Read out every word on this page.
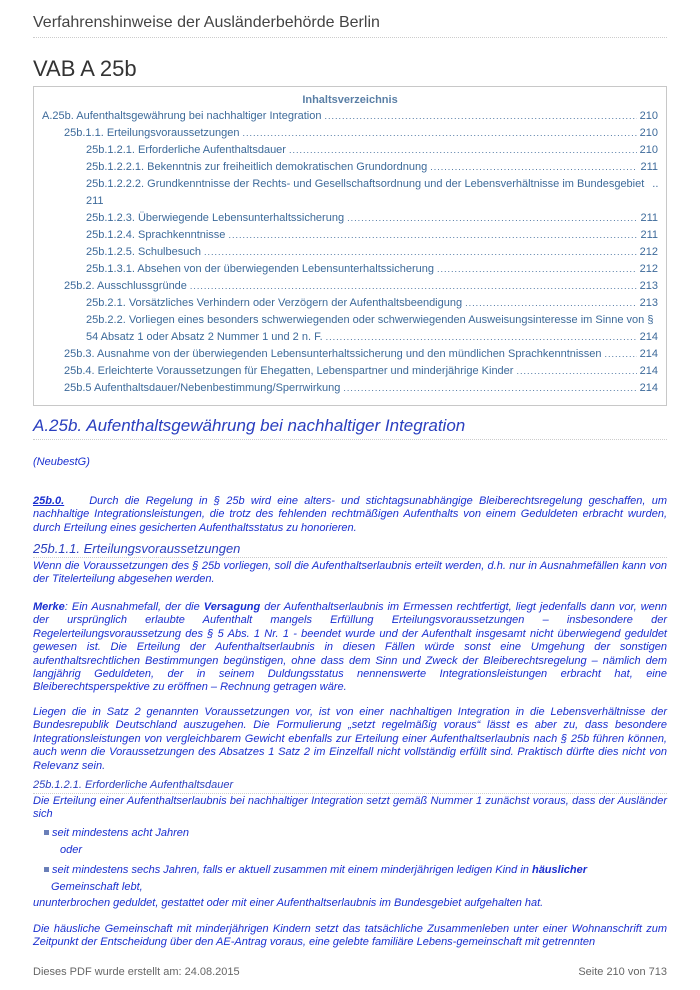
Verfahrenshinweise der Ausländerbehörde Berlin
VAB A 25b
Inhaltsverzeichnis
A.25b. Aufenthaltsgewährung bei nachhaltiger Integration .....	210
25b.1.1. Erteilungsvoraussetzungen .....	210
25b.1.2.1. Erforderliche Aufenthaltsdauer .....	210
25b.1.2.2.1. Bekenntnis zur freiheitlich demokratischen Grundordnung .....	211
25b.1.2.2.2. Grundkenntnisse der Rechts- und Gesellschaftsordnung und der Lebensverhältnisse im Bundesgebiet ..
211
25b.1.2.3. Überwiegende Lebensunterhaltssicherung .....	211
25b.1.2.4. Sprachkenntnisse .....	211
25b.1.2.5. Schulbesuch .....	212
25b.1.3.1. Absehen von der überwiegenden Lebensunterhaltssicherung .....	212
25b.2. Ausschlussgründe .....	213
25b.2.1. Vorsätzliches Verhindern oder Verzögern der Aufenthaltsbeendigung .....	213
25b.2.2. Vorliegen eines besonders schwerwiegenden oder schwerwiegenden Ausweisungsinteresse im Sinne von §
54 Absatz 1 oder Absatz 2 Nummer 1 und 2 n. F. .....	214
25b.3. Ausnahme von der überwiegenden Lebensunterhaltssicherung und den mündlichen Sprachkenntnissen .....	214
25b.4. Erleichterte Voraussetzungen für Ehegatten, Lebenspartner und minderjährige Kinder .....	214
25b.5 Aufenthaltsdauer/Nebenbestimmung/Sperrwirkung .....	214
A.25b. Aufenthaltsgewährung bei nachhaltiger Integration
(NeubestG)
25b.0. Durch die Regelung in § 25b wird eine alters- und stichtagsunabhängige Bleiberechtsregelung geschaffen, um nachhaltige Integrationsleistungen, die trotz des fehlenden rechtmäßigen Aufenthalts von einem Geduldeten erbracht wurden, durch Erteilung eines gesicherten Aufenthaltsstatus zu honorieren.
25b.1.1. Erteilungsvoraussetzungen
Wenn die Voraussetzungen des § 25b vorliegen, soll die Aufenthaltserlaubnis erteilt werden, d.h. nur in Ausnahmefällen kann von der Titelerteilung abgesehen werden.
Merke: Ein Ausnahmefall, der die Versagung der Aufenthaltserlaubnis im Ermessen rechtfertigt, liegt jedenfalls dann vor, wenn der ursprünglich erlaubte Aufenthalt mangels Erfüllung Erteilungsvoraussetzungen – insbesondere der Regelerteilungsvoraussetzung des § 5 Abs. 1 Nr. 1 - beendet wurde und der Aufenthalt insgesamt nicht überwiegend geduldet gewesen ist. Die Erteilung der Aufenthaltserlaubnis in diesen Fällen würde sonst eine Umgehung der sonstigen aufenthaltsrechtlichen Bestimmungen begünstigen, ohne dass dem Sinn und Zweck der Bleiberechtsregelung – nämlich dem langjährig Geduldeten, der in seinem Duldungsstatus nennenswerte Integrationsleistungen erbracht hat, eine Bleiberechtsperspektive zu eröffnen – Rechnung getragen wäre.
Liegen die in Satz 2 genannten Voraussetzungen vor, ist von einer nachhaltigen Integration in die Lebensverhältnisse der Bundesrepublik Deutschland auszugehen. Die Formulierung „setzt regelmäßig voraus“ lässt es aber zu, dass besondere Integrationsleistungen von vergleichbarem Gewicht ebenfalls zur Erteilung einer Aufenthaltserlaubnis nach § 25b führen können, auch wenn die Voraussetzungen des Absatzes 1 Satz 2 im Einzelfall nicht vollständig erfüllt sind. Praktisch dürfte dies nicht von Relevanz sein.
25b.1.2.1. Erforderliche Aufenthaltsdauer
Die Erteilung einer Aufenthaltserlaubnis bei nachhaltiger Integration setzt gemäß Nummer 1 zunächst voraus, dass der Ausländer sich
seit mindestens acht Jahren
oder
seit mindestens sechs Jahren, falls er aktuell zusammen mit einem minderjährigen ledigen Kind in häuslicher
Gemeinschaft lebt,
ununterbrochen geduldet, gestattet oder mit einer Aufenthaltserlaubnis im Bundesgebiet aufgehalten hat.
Die häusliche Gemeinschaft mit minderjährigen Kindern setzt das tatsächliche Zusammenleben unter einer Wohnanschrift zum Zeitpunkt der Entscheidung über den AE-Antrag voraus, eine gelebte familiäre Lebens-gemeinschaft mit getrennten
Dieses PDF wurde erstellt am: 24.08.2015	Seite 210 von 713
